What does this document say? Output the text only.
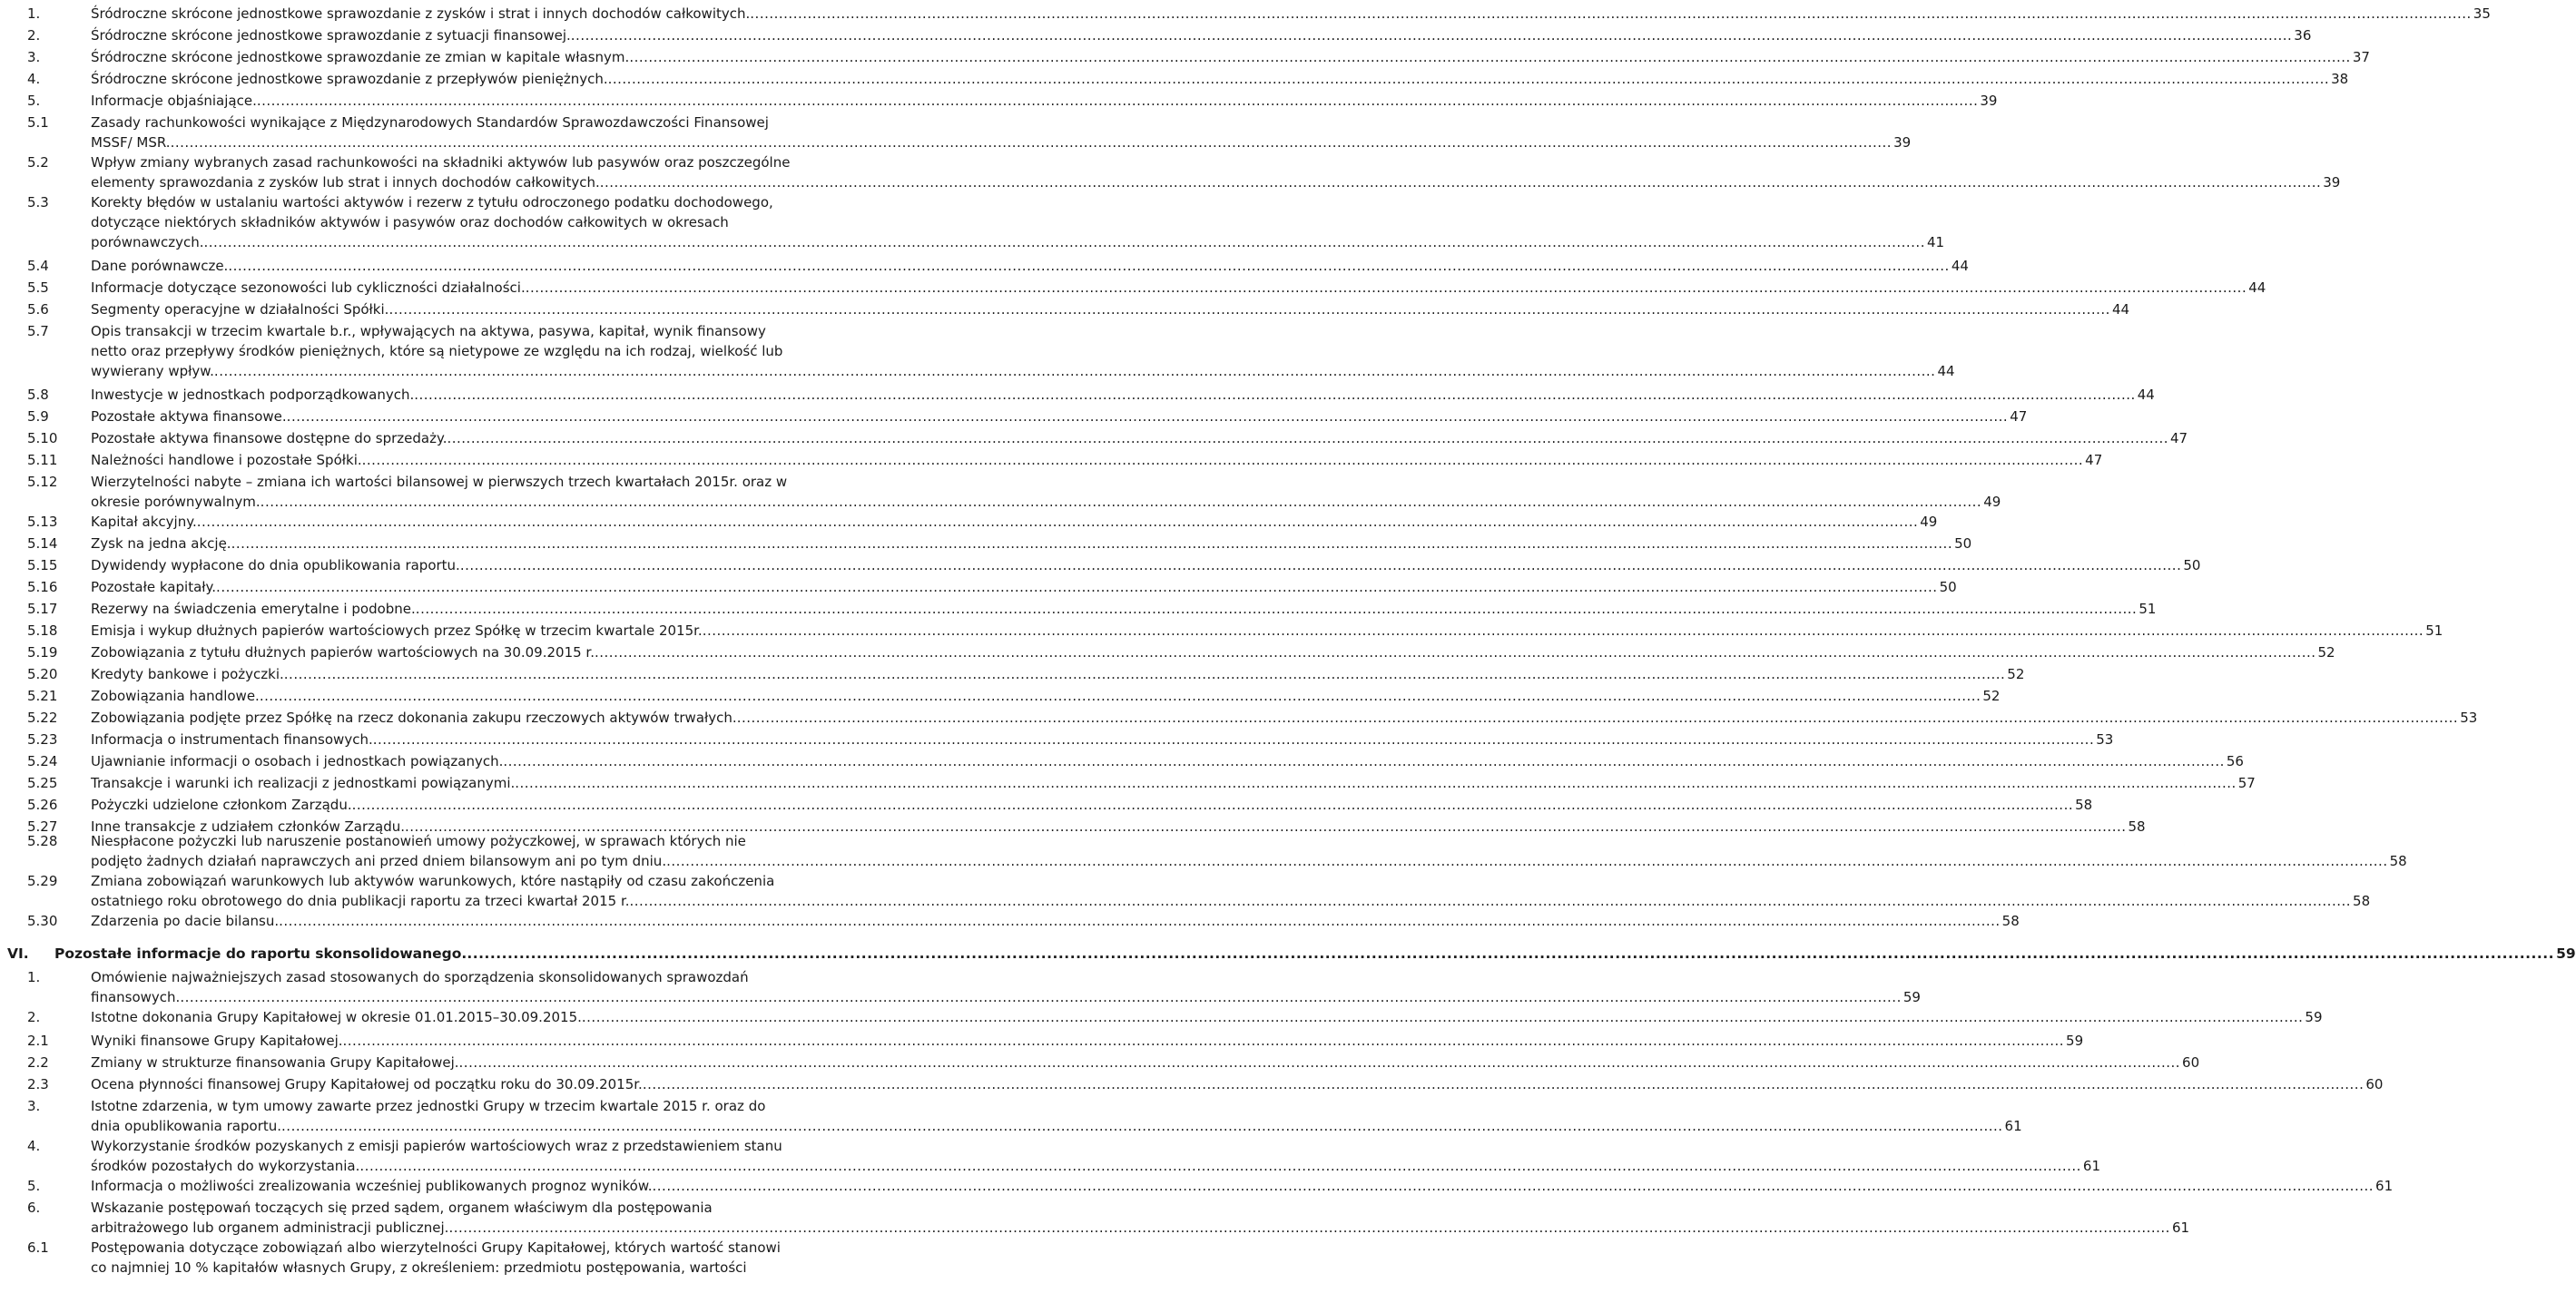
1.	Śródroczne skrócone jednostkowe sprawozdanie z zysków i strat i innych dochodów całkowitych. .....	35
2.	Śródroczne skrócone jednostkowe sprawozdanie z sytuacji finansowej. .....	36
3.	Śródroczne skrócone jednostkowe sprawozdanie ze zmian w kapitale własnym. .....	37
4.	Śródroczne skrócone jednostkowe sprawozdanie z przepływów pieniężnych. .....	38
5.	Informacje objaśniające. .....	39
5.1	Zasady rachunkowości wynikające z Międzynarodowych Standardów Sprawozdawczości Finansowej
MSSF/ MSR. .....	39
5.2	Wpływ zmiany wybranych zasad rachunkowości na składniki aktywów lub pasywów oraz poszczególne
elementy sprawozdania z zysków lub strat i innych dochodów całkowitych. .....	39
5.3	Korekty błędów w ustalaniu wartości aktywów i rezerw z tytułu odroczonego podatku dochodowego,
dotyczące niektórych składników aktywów i pasywów oraz dochodów całkowitych w okresach
porównawczych. .....	41
5.4	Dane porównawcze. .....	44
5.5	Informacje dotyczące sezonowości lub cykliczności działalności. .....	44
5.6	Segmenty operacyjne w działalności Spółki. .....	44
5.7	Opis transakcji w trzecim kwartale b.r., wpływających na aktywa, pasywa, kapitał, wynik finansowy
netto oraz przepływy środków pieniężnych, które są nietypowe ze względu na ich rodzaj, wielkość lub
wywierany wpływ. .....	44
5.8	Inwestycje w jednostkach podporządkowanych. .....	44
5.9	Pozostałe aktywa finansowe. .....	47
5.10 Pozostałe aktywa finansowe dostępne do sprzedaży. .....	47
5.11 Należności handlowe i pozostałe Spółki. .....	47
5.12 Wierzytelności nabyte – zmiana ich wartości bilansowej w pierwszych trzech kwartałach 2015r. oraz w
okresie porównywalnym. .....	49
5.13 Kapitał akcyjny. .....	49
5.14 Zysk na jedna akcję. .....	50
5.15 Dywidendy wypłacone do dnia opublikowania raportu. .....	50
5.16 Pozostałe kapitały. .....	50
5.17 Rezerwy na świadczenia emerytalne i podobne. .....	51
5.18 Emisja i wykup dłużnych papierów wartościowych przez Spółkę w trzecim kwartale 2015r. .....	51
5.19 Zobowiązania z tytułu dłużnych papierów wartościowych na 30.09.2015 r. .....	52
5.20 Kredyty bankowe i pożyczki. .....	52
5.21 Zobowiązania handlowe. .....	52
5.22 Zobowiązania podjęte przez Spółkę na rzecz dokonania zakupu rzeczowych aktywów trwałych. .....	53
5.23 Informacja o instrumentach finansowych. .....	53
5.24 Ujawnianie informacji o osobach i jednostkach powiązanych. .....	56
5.25 Transakcje i warunki ich realizacji z jednostkami powiązanymi. .....	57
5.26 Pożyczki udzielone członkom Zarządu. .....	58
5.27 Inne transakcje z udziałem członków Zarządu. .....	58
5.28 Niespłacone pożyczki lub naruszenie postanowień umowy pożyczkowej, w sprawach których nie
podjęto żadnych działań naprawczych ani przed dniem bilansowym ani po tym dniu. .....	58
5.29 Zmiana zobowiązań warunkowych lub aktywów warunkowych, które nastąpiły od czasu zakończenia
ostatniego roku obrotowego do dnia publikacji raportu za trzeci kwartał 2015 r. .....	58
5.30 Zdarzenia po dacie bilansu. .....	58
VI. Pozostałe informacje do raportu skonsolidowanego. .....	59
1.	Omówienie najważniejszych zasad stosowanych do sporządzenia skonsolidowanych sprawozdań
finansowych. .....	59
2.	Istotne dokonania Grupy Kapitałowej w okresie 01.01.2015–30.09.2015. .....	59
2.1	Wyniki finansowe Grupy Kapitałowej. .....	59
2.2	Zmiany w strukturze finansowania Grupy Kapitałowej. .....	60
2.3	Ocena płynności finansowej Grupy Kapitałowej od początku roku do 30.09.2015r. .....	60
3.	Istotne zdarzenia, w tym umowy zawarte przez jednostki Grupy w trzecim kwartale 2015 r. oraz do
dnia opublikowania raportu. .....	61
4.	Wykorzystanie środków pozyskanych z emisji papierów wartościowych wraz z przedstawieniem stanu
środków pozostałych do wykorzystania. .....	61
5.	Informacja o możliwości zrealizowania wcześniej publikowanych prognoz wyników. .....	61
6.	Wskazanie postępowań toczących się przed sądem, organem właściwym dla postępowania
arbitrażowego lub organem administracji publicznej. .....	61
6.1	Postępowania dotyczące zobowiązań albo wierzytelności Grupy Kapitałowej, których wartość stanowi
co najmniej 10 % kapitałów własnych Grupy, z określeniem: przedmiotu postępowania, wartości
